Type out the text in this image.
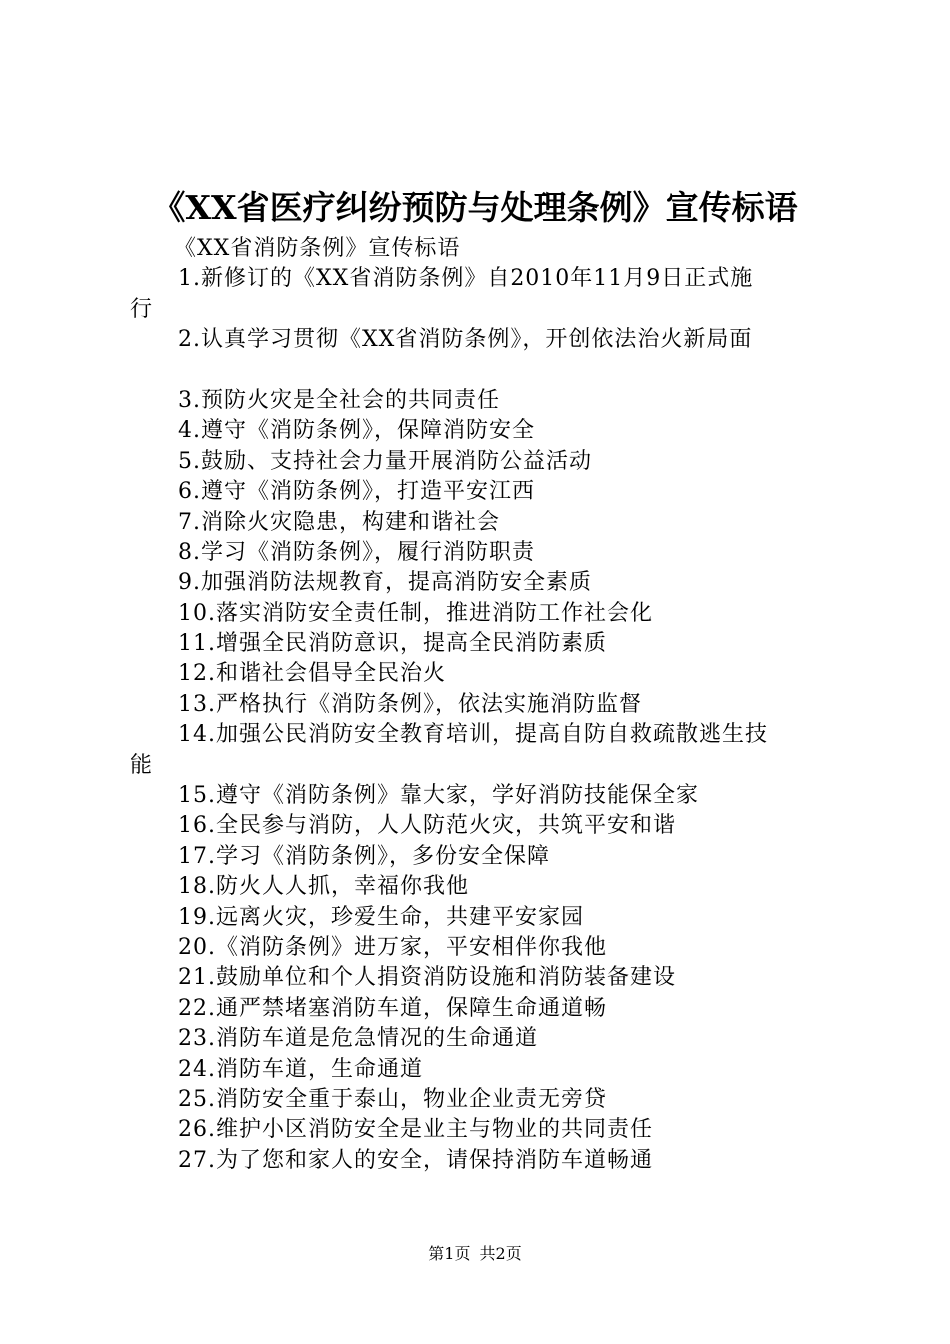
《XX省医疗纠纷预防与处理条例》宣传标语
《XX省消防条例》宣传标语
1.新修订的《XX省消防条例》自2010年11月9日正式施
行
2.认真学习贯彻《XX省消防条例》，开创依法治火新局面
3.预防火灾是全社会的共同责任
4.遵守《消防条例》，保障消防安全
5.鼓励、支持社会力量开展消防公益活动
6.遵守《消防条例》，打造平安江西
7.消除火灾隐患，构建和谐社会
8.学习《消防条例》，履行消防职责
9.加强消防法规教育，提高消防安全素质
10.落实消防安全责任制，推进消防工作社会化
11.增强全民消防意识，提高全民消防素质
12.和谐社会倡导全民治火
13.严格执行《消防条例》，依法实施消防监督
14.加强公民消防安全教育培训，提高自防自救疏散逃生技
能
15.遵守《消防条例》靠大家，学好消防技能保全家
16.全民参与消防，人人防范火灾，共筑平安和谐
17.学习《消防条例》，多份安全保障
18.防火人人抓，幸福你我他
19.远离火灾，珍爱生命，共建平安家园
20.《消防条例》进万家，平安相伴你我他
21.鼓励单位和个人捐资消防设施和消防装备建设
22.通严禁堵塞消防车道，保障生命通道畅
23.消防车道是危急情况的生命通道
24.消防车道，生命通道
25.消防安全重于泰山，物业企业责无旁贷
26.维护小区消防安全是业主与物业的共同责任
27.为了您和家人的安全，请保持消防车道畅通
第1页 共2页
